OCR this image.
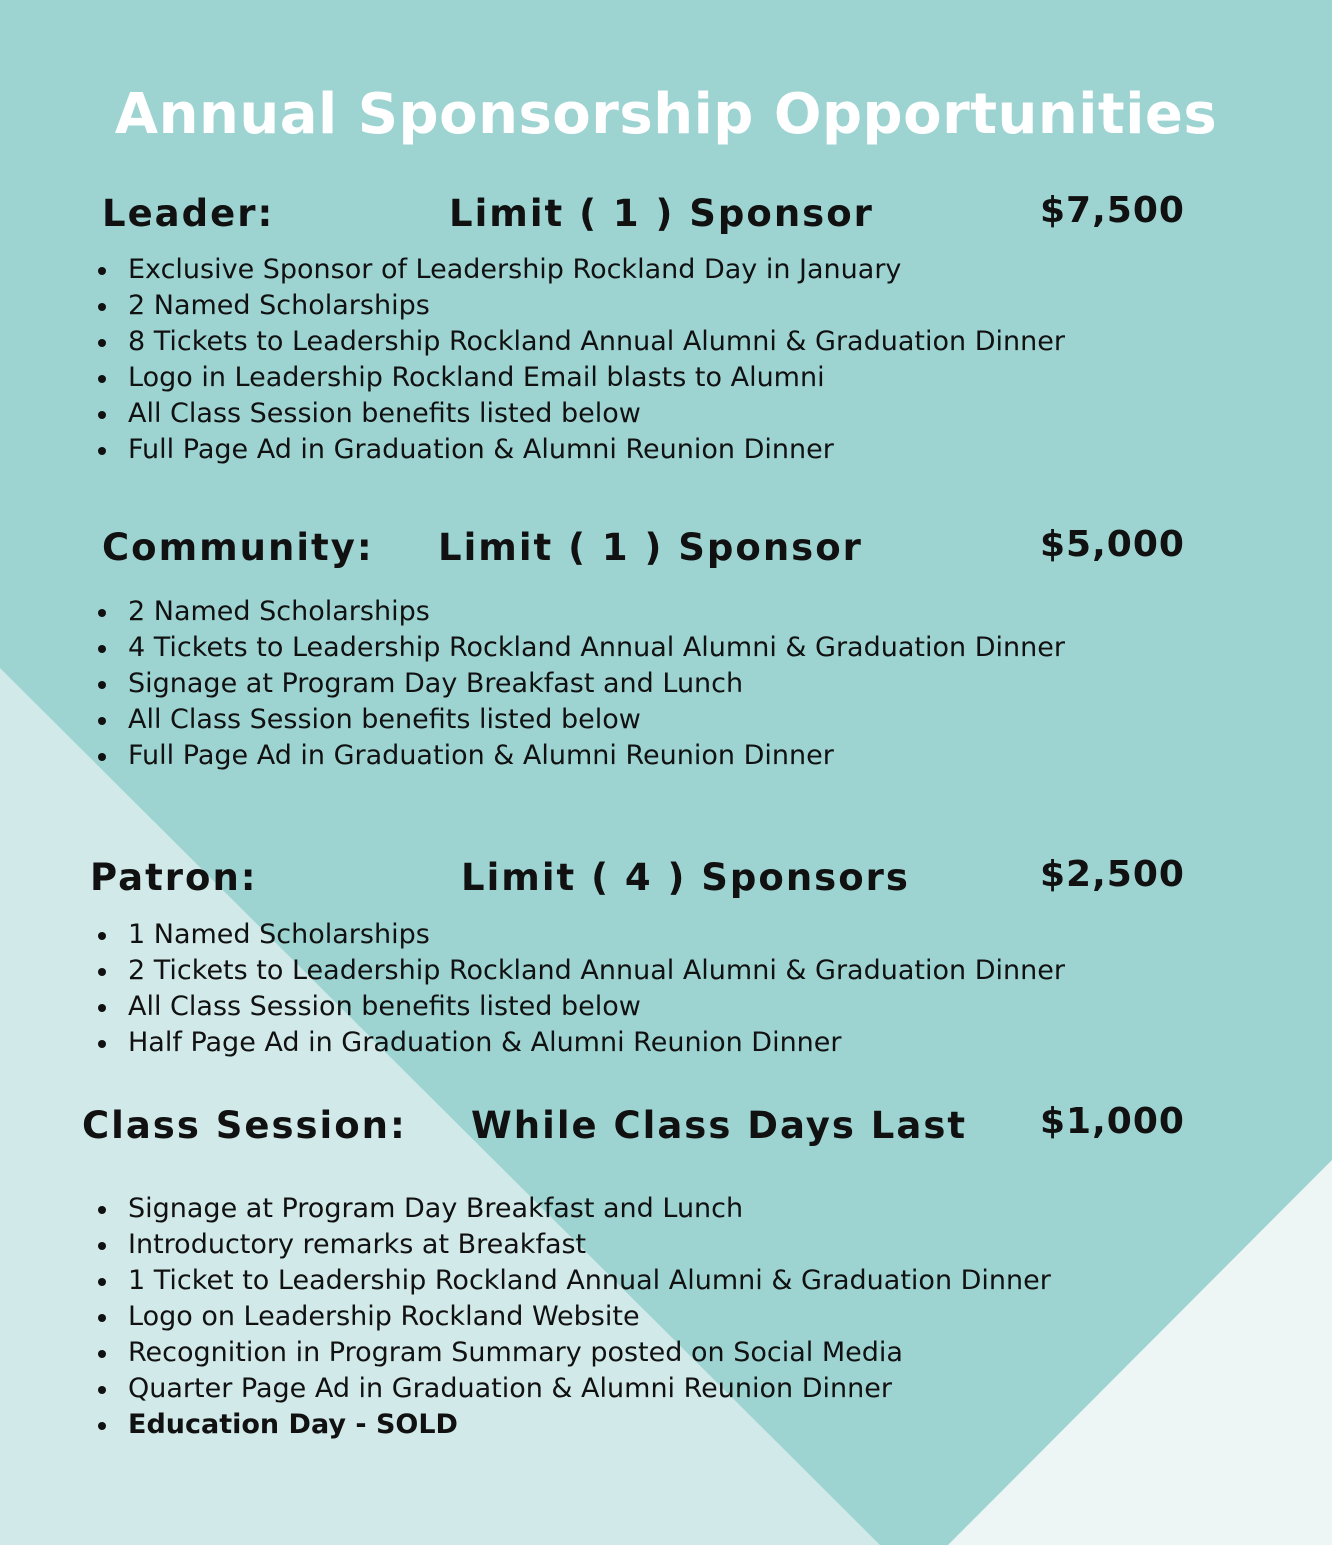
Annual Sponsorship Opportunities
Leader:	Limit ( 1 ) Sponsor	$7,500
Exclusive Sponsor of Leadership Rockland Day in January
2 Named Scholarships
8 Tickets to Leadership Rockland Annual Alumni & Graduation Dinner
Logo in Leadership Rockland Email blasts to Alumni
All Class Session benefits listed below
Full Page Ad in Graduation & Alumni Reunion Dinner
Community: Limit ( 1 ) Sponsor	$5,000
2 Named Scholarships
4 Tickets to Leadership Rockland Annual Alumni & Graduation Dinner
Signage at Program Day Breakfast and Lunch
All Class Session benefits listed below
Full Page Ad in Graduation & Alumni Reunion Dinner
Patron:	Limit ( 4 ) Sponsors	$2,500
1 Named Scholarships
2 Tickets to Leadership Rockland Annual Alumni & Graduation Dinner
All Class Session benefits listed below
Half Page Ad in Graduation & Alumni Reunion Dinner
Class Session: While Class Days Last $1,000
Signage at Program Day Breakfast and Lunch
Introductory remarks at Breakfast
1 Ticket to Leadership Rockland Annual Alumni & Graduation Dinner
Logo on Leadership Rockland Website
Recognition in Program Summary posted on Social Media
Quarter Page Ad in Graduation & Alumni Reunion Dinner
Education Day - SOLD
